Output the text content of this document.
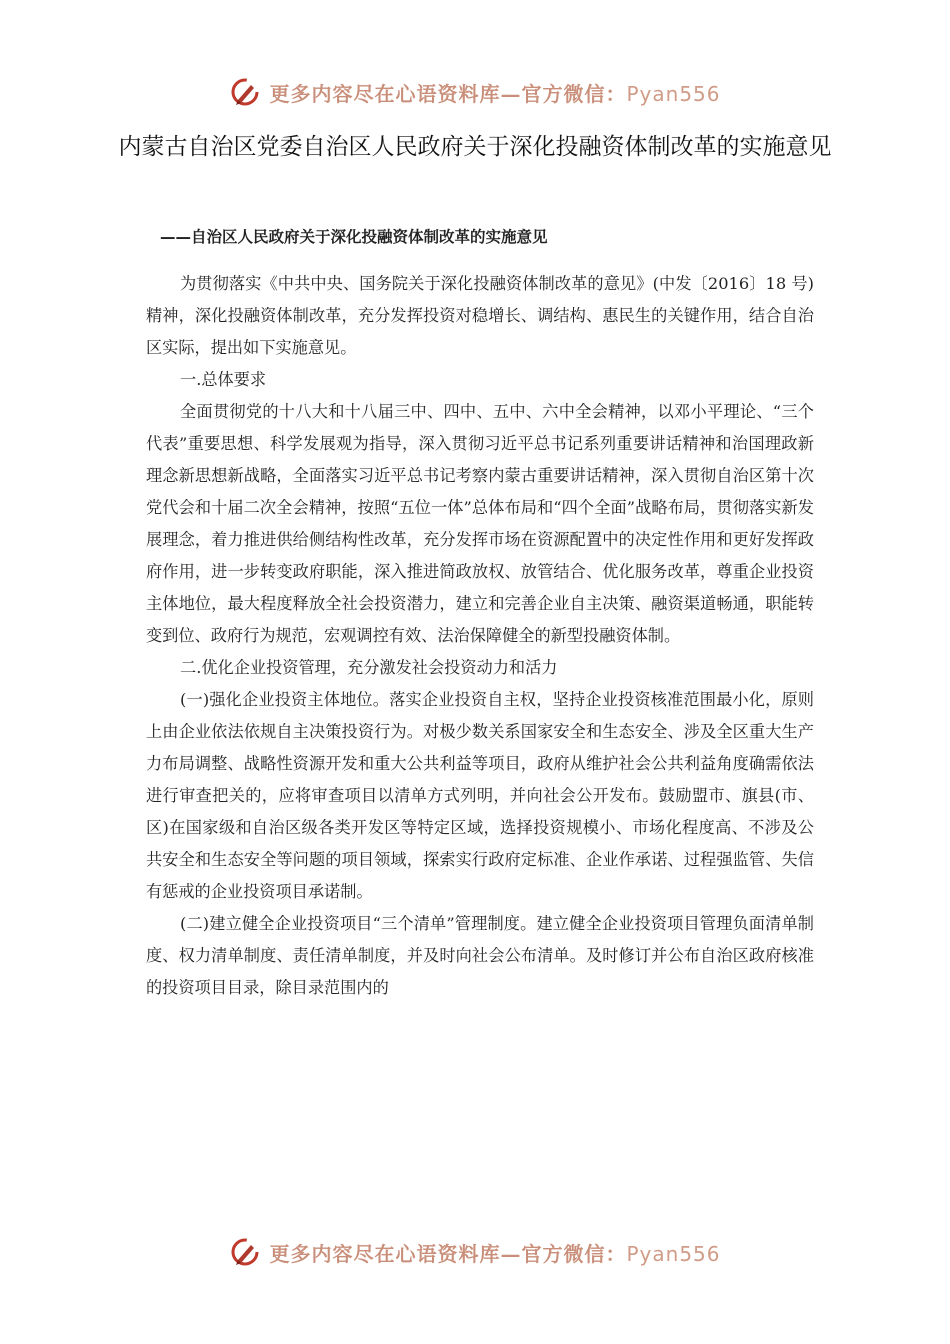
更多内容尽在心语资料库—官方微信：Pyan556
内蒙古自治区党委自治区人民政府关于深化投融资体制改革的实施意见
——自治区人民政府关于深化投融资体制改革的实施意见

为贯彻落实《中共中央、国务院关于深化投融资体制改革的意见》(中发〔2016〕18 号)精神，深化投融资体制改革，充分发挥投资对稳增长、调结构、惠民生的关键作用，结合自治区实际，提出如下实施意见。

一.总体要求

全面贯彻党的十八大和十八届三中、四中、五中、六中全会精神，以邓小平理论、“三个代表”重要思想、科学发展观为指导，深入贯彻习近平总书记系列重要讲话精神和治国理政新理念新思想新战略，全面落实习近平总书记考察内蒙古重要讲话精神，深入贯彻自治区第十次党代会和十届二次全会精神，按照“五位一体”总体布局和“四个全面”战略布局，贯彻落实新发展理念，着力推进供给侧结构性改革，充分发挥市场在资源配置中的决定性作用和更好发挥政府作用，进一步转变政府职能，深入推进简政放权、放管结合、优化服务改革，尊重企业投资主体地位，最大程度释放全社会投资潜力，建立和完善企业自主决策、融资渠道畅通，职能转变到位、政府行为规范，宏观调控有效、法治保障健全的新型投融资体制。

二.优化企业投资管理，充分激发社会投资动力和活力

(一)强化企业投资主体地位。落实企业投资自主权，坚持企业投资核准范围最小化，原则上由企业依法依规自主决策投资行为。对极少数关系国家安全和生态安全、涉及全区重大生产力布局调整、战略性资源开发和重大公共利益等项目，政府从维护社会公共利益角度确需依法进行审查把关的，应将审查项目以清单方式列明，并向社会公开发布。鼓励盟市、旗县(市、区)在国家级和自治区级各类开发区等特定区域，选择投资规模小、市场化程度高、不涉及公共安全和生态安全等问题的项目领域，探索实行政府定标准、企业作承诺、过程强监管、失信有惩戒的企业投资项目承诺制。

(二)建立健全企业投资项目“三个清单”管理制度。建立健全企业投资项目管理负面清单制度、权力清单制度、责任清单制度，并及时向社会公布清单。及时修订并公布自治区政府核准的投资项目目录，除目录范围内的

更多内容尽在心语资料库—官方微信：Pyan556
